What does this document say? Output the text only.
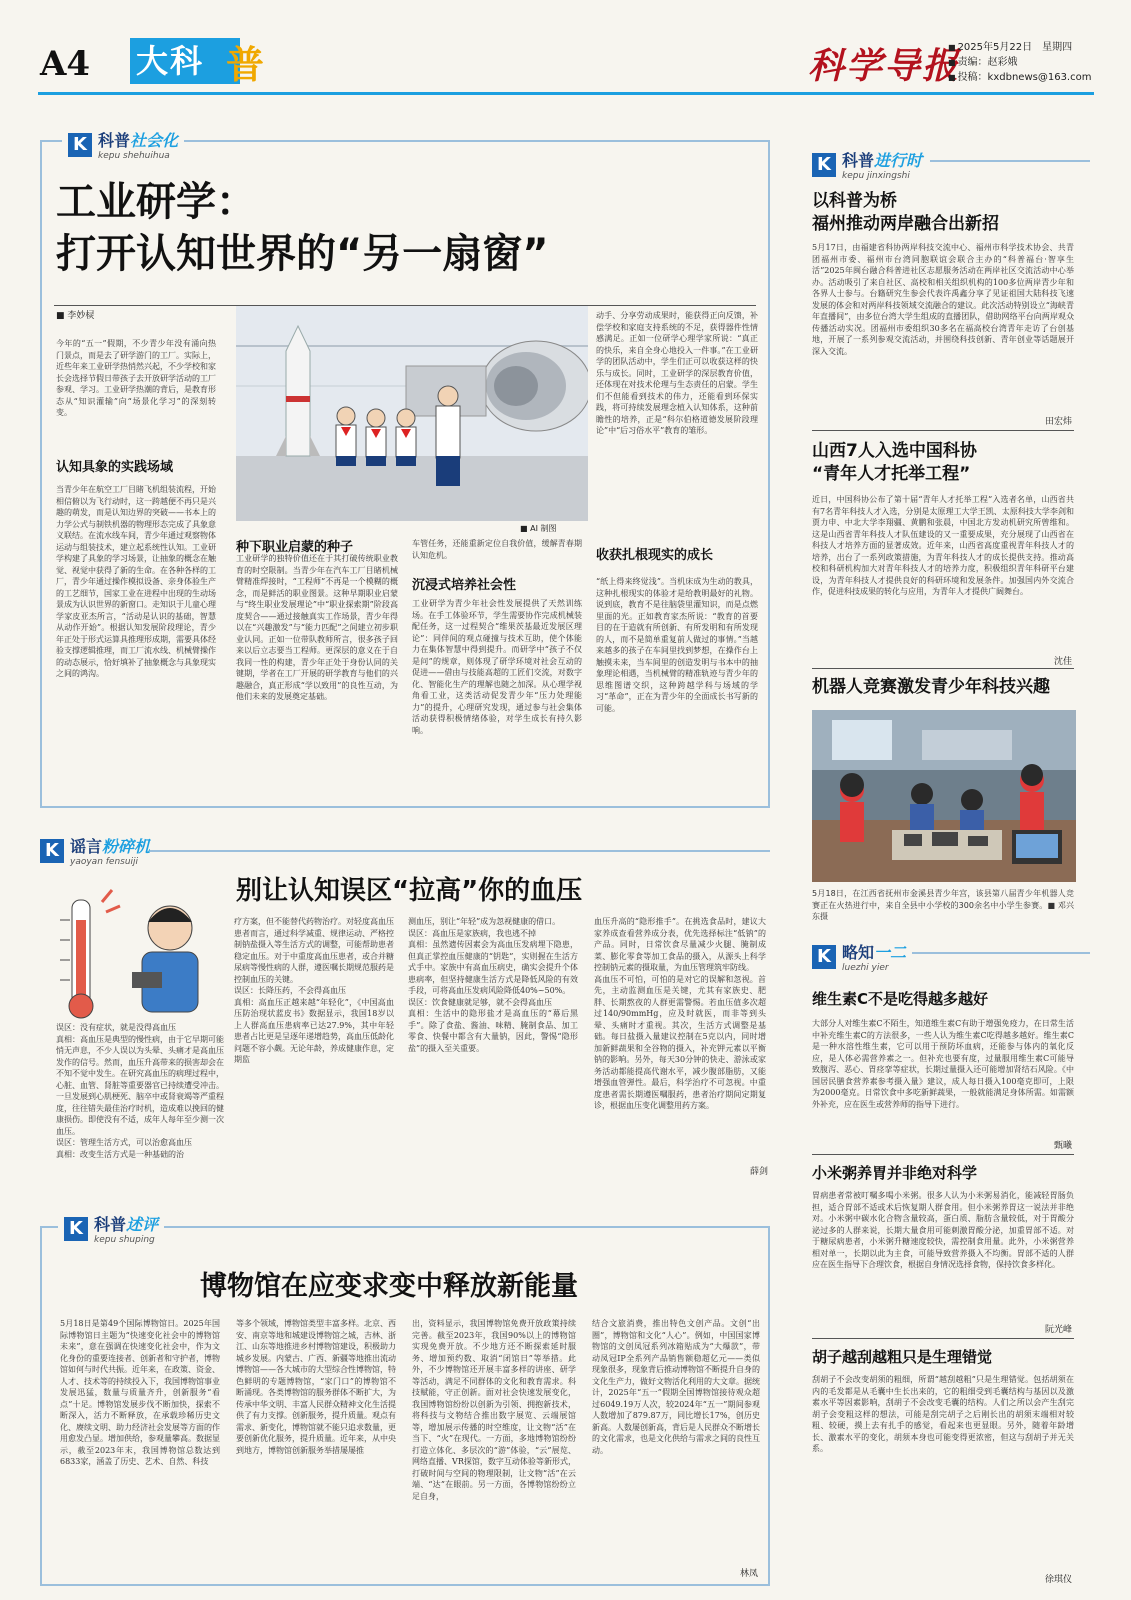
A4 大科 普	科学导报
■ 2025年5月22日　星期四
■ 责编：赵彩娥
■ 投稿：kxdbnews@163.com
K 科普社会化
kepu shehuihua
工业研学：
打开认知世界的“另一扇窗”
■ 李妙棂
■ AI 制图
今年的“五一”假期，不少青少年没有涌向热门景点，而是去了研学游门的工厂。实际上，近些年来工业研学热悄然兴起，不少学校和家长会选择节假日带孩子去开放研学活动的工厂参观、学习。工业研学热潮的背后，是教育形态从“知识灌输”向“场景化学习”的深刻转变。
认知具象的实践场域
当青少年在航空工厂目睹飞机组装流程，开始相信俯以为飞行动时，这一跨越便不再只是兴趣的萌发，而是认知边界的突破——书本上的力学公式与制铁机器的物理形态完成了具象意义联结。在流水线车间，青少年通过观察物体运动与组装技术，建立起系统性认知。工业研学构建了具象的学习场景，让抽象的概念在触觉、视觉中获得了新的生命。在各种各样的工厂，青少年通过操作模拟设备、亲身体验生产的工艺细节，国家工业在进程中出现的生动场景成为认识世界的新窗口。走知识于儿童心理学家皮亚杰所言，“活动是认识的基础，智慧从动作开始”。根据认知发展阶段理论，青少年正处于形式运算具推理形成期，需要具体经验支撑逻辑推理，而工厂流水线、机械臂操作的动态展示，恰好填补了抽象概念与具象现实之间的鸿沟。
种下职业启蒙的种子
工业研学的独特价值还在于其打破传统职业教育的时空限制。当青少年在汽车工厂目睹机械臂精准焊接时，“工程师”不再是一个模糊的概念，而是鲜活的职业图景。这种早期职业启蒙与“终生职业发展理论”中“职业探索期”阶段高度契合——通过接触真实工作场景，青少年得以在“兴趣激发”与“能力匹配”之间建立初步职业认同。正如一位带队教师所言，很多孩子回来以后立志要当工程师。更深层的意义在于自我同一性的构建，青少年正处于身份认同的关键期，学者在工厂开展的研学教育与他们的兴趣融合，真正形成“学以致用”的良性互动，为他们未来的发展奠定基础。
车管任务，还能重新定位自我价值，缓解青春期认知危机。
沉浸式培养社会性
工业研学为青少年社会性发展提供了天然训练场。在手工体验环节，学生需要协作完成机械装配任务，这一过程契合“维果茨基最近发展区理论”：同伴间的观点碰撞与技术互助，使个体能力在集体智慧中得到提升。而研学中“孩子不仅是问”的规章，则体现了研学环境对社会互动的促进——借由与技能高超的工匠们交流，对数字化、智能化生产的理解也随之加深。从心理学视角看工业，这类活动促发青少年“压力处理能力”的提升，心理研究发现，通过参与社会集体活动获得积极情绪体验，对学生成长有持久影响。
动手、分享劳动成果时，能获得正向反馈，补偿学校和家庭支持系统的不足，获得器件性情感满足。正如一位研学心理学家所说：“真正的快乐，来自全身心地投入一件事。”在工业研学的团队活动中，学生们正可以收获这样的快乐与成长。同时，工业研学的深层教育价值，还体现在对技术伦理与生态责任的启蒙。学生们不但能看到技术的伟力，还能看到环保实践，将可持续发展理念植入认知体系，这种前瞻性的培养，正是“科尔伯格道德发展阶段理论”中“后习俗水平”教育的雏形。
收获扎根现实的成长
“纸上得来终觉浅”。当机床成为生动的教具，这种扎根现实的体验才是给教明最好的礼物。说到底，教育不是往脑袋里灌知识，而是点燃里面的光。正如教育家杰所说：“教育的首要目的在于造就有所创新、有所发明和有所发现的人，而不是简单重复前人做过的事情。”当越来越多的孩子在车间里找到梦想，在操作台上触摸未来，当车间里的创造发明与书本中的抽象理论相遇，当机械臂的精准轨迹与青少年的思维图谱交织，这种跨越学科与场域的学习“革命”，正在为青少年的全面成长书写新的可能。
K 谣言粉碎机
yaoyan fensuiji
别让认知误区“拉高”你的血压
误区：没有症状，就是没得高血压
真相：高血压是典型的慢性病，由于它早期可能悄无声息，不少人误以为头晕、头痛才是高血压发作的信号。然而，血压升高带来的损害却会在不知不觉中发生。在研究高血压的病理过程中，心脏、血管、肾脏等重要器官已持续遭受冲击。一旦发展到心肌梗死、脑卒中或肾衰竭等严重程度，往往错失最佳治疗时机，造成难以挽回的健康损伤。即使没有不适，成年人每年至少测一次血压。
误区：管理生活方式，可以治愈高血压
真相：改变生活方式是一种基础的治
疗方案，但不能替代药物治疗。对轻度高血压患者而言，通过科学减重、规律运动、严格控制钠盐摄入等生活方式的调整，可能帮助患者稳定血压。对于中重度高血压患者，或合并糖尿病等慢性病的人群，遵医嘱长期规范服药是控制血压的关键。
误区：长降压药，不会得高血压
真相：高血压正越来越“年轻化”，《中国高血压防治现状蓝皮书》数据显示，我国18岁以上人群高血压患病率已达27.9%，其中年轻患者占比更是呈逐年递增趋势，高血压低龄化问题不容小觑。无论年龄，养成健康作息，定期监
测血压，别让“年轻”成为忽视健康的借口。
误区：高血压是家族病，我也逃不掉
真相：虽然遗传因素会为高血压发病埋下隐患，但真正掌控血压健康的“钥匙”，实则握在生活方式手中。家族中有高血压病史，确实会提升个体患病率，但坚持健康生活方式是降低风险的有效手段，可将高血压发病风险降低40%~50%。
误区：饮食健康就足够，就不会得高血压
真相：生活中的隐形盐才是高血压的“幕后黑手”。除了食盐、酱油、味精、腌制食品、加工零食、快餐中都含有大量钠，因此，警惕“隐形盐”的摄入至关重要。
血压升高的“隐形推手”。在挑选食品时，建议大家养成查看营养成分表，优先选择标注“低钠”的产品。同时，日常饮食尽量减少火腿、腌制成菜、膨化零食等加工食品的摄入，从源头上科学控制钠元素的摄取量，为血压管理筑牢防线。
高血压不可怕，可怕的是对它的误解和忽视。首先，主动监测血压是关键，尤其有家族史、肥胖、长期熬夜的人群更需警惕。若血压值多次超过140/90mmHg，应及时就医，而非等到头晕、头痛时才重视。其次，生活方式调整是基础。每日盐摄入量建议控制在5克以内，同时增加新鲜蔬果和全谷物的摄入，补充钾元素以平衡钠的影响。另外，每天30分钟的快走、游泳或家务活动都能提高代谢水平，减少腹部脂肪，又能增强血管弹性。最后，科学治疗不可忽视。中重度患者需长期遵医嘱服药，患者治疗期间定期复诊，根据血压变化调整用药方案。
薛剑
K 科普述评
kepu shuping
博物馆在应变求变中释放新能量
5月18日是第49个国际博物馆日。2025年国际博物馆日主题为“快速变化社会中的博物馆未来”，意在强调在快速变化社会中，作为文化身份的重要连接者、创新者和守护者，博物馆如何与时代共振。近年来，在政策、资金、人才、技术等的持续投入下，我国博物馆事业发展迅猛，数量与质量齐升，创新服务“看点”十足。博物馆发展步伐不断加快，探索不断深入，活力不断释放，在承载珍稀历史文化、赓续文明、助力经济社会发展等方面的作用愈发凸显。增加供给，参观量攀高。数据显示，截至2023年末，我国博物馆总数达到6833家，涵盖了历史、艺术、自然、科技
等多个领域，博物馆类型丰富多样。北京、西安、南京等地和城建设博物馆之城，吉林、浙江、山东等地推进乡村博物馆建设，积极助力城乡发展。内蒙古、广西、新疆等地推出流动博物馆——各大城市的大型综合性博物馆，特色鲜明的专题博物馆，“家门口”的博物馆不断涌现。各类博物馆的服务群体不断扩大，为传承中华文明、丰富人民群众精神文化生活提供了有力支撑。创新服务，提升质量。观点有需求、新变化，博物馆就不能只追求数量，更要创新优化服务，提升质量。近年来，从中央到地方，博物馆创新服务举措屡屡推
出，资料显示，我国博物馆免费开放政策持续完善。截至2023年，我国90%以上的博物馆实现免费开放。不少地方还不断探索延时服务、增加预约数、取消“闭馆日”等举措。此外，不少博物馆还开展丰富多样的讲座、研学等活动，满足不同群体的文化和教育需求。科技赋能，守正创新。面对社会快速发展变化，我国博物馆纷纷以创新为引领、拥抱新技术，将科技与文物结合推出数字展览、云端展馆等，增加展示传播的时空维度，让文物“活”在当下、“火”在现代。一方面，多地博物馆纷纷打造立体化、多层次的“游”体验，“云”展览、网络直播、VR探馆，数字互动体验等新形式，打破时间与空间的物理限制，让文物“活”在云端、“达”在眼前。另一方面，各博物馆纷纷立足自身，
结合文旅消费，推出特色文创产品。文创“出圈”，博物馆和文化“人心”。例如，中国国家博物馆的文创凤冠系列冰箱贴成为“大爆款”，带动凤冠IP全系列产品销售额稳超亿元——类似现象很多，现象背后推动博物馆不断提升自身的文化生产力，做好文物活化利用的大文章。据统计，2025年“五一”假期全国博物馆接待观众超过6049.19万人次，较2024年“五一”期间参观人数增加了879.87万，同比增长17%，创历史新高。人数屡创新高，背后是人民群众不断增长的文化需求，也是文化供给与需求之间的良性互动。
林凤
K 科普进行时
kepu jinxingshi
以科普为桥
福州推动两岸融合出新招
5月17日，由福建省科协两岸科技交流中心、福州市科学技术协会、共青团福州市委、福州市台湾同胞联谊会联合主办的“科普福台·智享生活”2025年闽台融合科普进社区志愿服务活动在两岸社区交流活动中心举办。活动吸引了来自社区、高校和相关组织机构的100多位两岸青少年和各界人士参与。台籍研究生参会代表许禹鑫分享了见证祖国大陆科技飞速发展的体会和对两岸科技领域交流融合的建议。此次活动特别设立“海峡青年直播间”，由多位台湾大学生组成的直播团队，借助网络平台向两岸观众传播活动实况。团福州市委组织30多名在福高校台湾青年走访了台创基地，开展了一系列参观交流活动，并围绕科技创新、青年创业等话题展开深入交流。
田宏炜
山西7人入选中国科协
“青年人才托举工程”
近日，中国科协公布了第十届“青年人才托举工程”入选者名单，山西省共有7名青年科技人才入选，分别是太原理工大学王凯、太原科技大学李剑和贾力申、中北大学李翔疆、黄鹏和张晨，中国北方发动机研究所曾维和。这是山西省青年科技人才队伍建设的又一重要成果，充分展现了山西省在科技人才培养方面的显著成效。近年来，山西省高度重视青年科技人才的培养，出台了一系列政策措施，为青年科技人才的成长提供支持。推动高校和科研机构加大对青年科技人才的培养力度，积极组织青年科研平台建设，为青年科技人才提供良好的科研环境和发展条件。加强国内外交流合作，促进科技成果的转化与应用，为青年人才提供广阔舞台。
沈佳
机器人竞赛激发青少年科技兴趣
5月18日，在江西省抚州市金溪县青少年宫，该县第八届青少年机器人竞赛正在火热进行中，来自全县中小学校的300余名中小学生参赛。■ 邓兴东摄
K 略知一二
luezhi yier
维生素C不是吃得越多越好
大部分人对维生素C不陌生，知道维生素C有助于增强免疫力，在日常生活中补充维生素C的方法很多，一些人认为维生素C吃得越多越好。维生素C是一种水溶性维生素，它可以用于预防坏血病，还能参与体内的氧化反应，是人体必需营养素之一。但补充也要有度，过量服用维生素C可能导致腹泻、恶心、胃痉挛等症状，长期过量摄入还可能增加肾结石风险。《中国居民膳食营养素参考摄入量》建议，成人每日摄入100毫克即可，上限为2000毫克。日常饮食中多吃新鲜蔬果，一般就能满足身体所需。如需额外补充，应在医生或营养师的指导下进行。
甄曦
小米粥养胃并非绝对科学
胃病患者常被叮嘱多喝小米粥。很多人认为小米粥易消化，能减轻胃肠负担，适合胃部不适或术后恢复期人群食用。但小米粥养胃这一说法并非绝对。小米粥中碳水化合物含量较高，蛋白质、脂肪含量较低，对于胃酸分泌过多的人群来说，长期大量食用可能刺激胃酸分泌，加重胃部不适。对于糖尿病患者，小米粥升糖速度较快，需控制食用量。此外，小米粥营养相对单一，长期以此为主食，可能导致营养摄入不均衡。胃部不适的人群应在医生指导下合理饮食，根据自身情况选择食物，保持饮食多样化。
阮光峰
胡子越刮越粗只是生理错觉
刮胡子不会改变胡须的粗细，所谓“越刮越粗”只是生理错觉。包括胡须在内的毛发都是从毛囊中生长出来的，它的粗细受到毛囊结构与基因以及激素水平等因素影响，刮胡子不会改变毛囊的结构。人们之所以会产生刮完胡子会变粗这样的想法，可能是刮完胡子之后刚长出的胡须末端相对较粗、较硬，摸上去有扎手的感觉，看起来也更显眼。另外，随着年龄增长、激素水平的变化，胡须本身也可能变得更浓密，但这与刮胡子并无关系。
徐琪仪
